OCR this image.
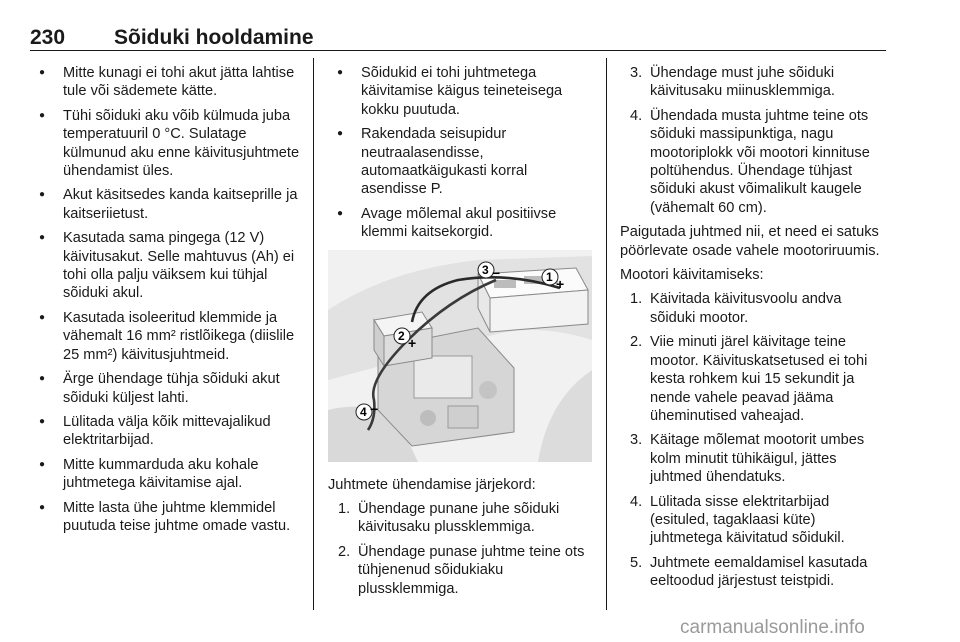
230 Sõiduki hooldamine
● Mitte kunagi ei tohi akut jätta lahtise tule või sädemete kätte.
● Tühi sõiduki aku võib külmuda juba temperatuuril 0 °C. Sulatage külmunud aku enne käivitusjuhtmete ühendamist üles.
● Akut käsitsedes kanda kaitseprille ja kaitseriietust.
● Kasutada sama pingega (12 V) käivitusakut. Selle mahtuvus (Ah) ei tohi olla palju väiksem kui tühjal sõiduki akul.
● Kasutada isoleeritud klemmide ja vähemalt 16 mm² ristlõikega (diislile 25 mm²) käivitusjuhtmeid.
● Ärge ühendage tühja sõiduki akut sõiduki küljest lahti.
● Lülitada välja kõik mittevajalikud elektritarbijad.
● Mitte kummarduda aku kohale juhtmetega käivitamise ajal.
● Mitte lasta ühe juhtme klemmidel puutuda teise juhtme omade vastu.
● Sõidukid ei tohi juhtmetega käivitamise käigus teineteisega kokku puutuda.
● Rakendada seisupidur neutraalasendisse, automaatkäigukasti korral asendisse P.
● Avage mõlemal akul positiivse klemmi kaitsekorgid.
1 +
2 +
3 −
4 −

Juhtmete ühendamise järjekord:

1. Ühendage punane juhe sõiduki käivitusaku plussklemmiga.
2. Ühendage punase juhtme teine ots tühjenenud sõidukiaku plussklemmiga.
3. Ühendage must juhe sõiduki käivitusaku miinusklemmiga.
4. Ühendada musta juhtme teine ots sõiduki massipunktiga, nagu mootoriplokk või mootori kinnituse poltühendus. Ühendage tühjast sõiduki akust võimalikult kaugele (vähemalt 60 cm).

Paigutada juhtmed nii, et need ei satuks pöörlevate osade vahele mootoriruumis.

Mootori käivitamiseks:

1. Käivitada käivitusvoolu andva sõiduki mootor.
2. Viie minuti järel käivitage teine mootor. Käivituskatsetused ei tohi kesta rohkem kui 15 sekundit ja nende vahele peavad jääma üheminutised vaheajad.
3. Käitage mõlemat mootorit umbes kolm minutit tühikäigul, jättes juhtmed ühendatuks.
4. Lülitada sisse elektritarbijad (esituled, tagaklaasi küte) juhtmetega käivitatud sõidukil.
5. Juhtmete eemaldamisel kasutada eeltoodud järjestust teistpidi.
carmanualsonline.info
